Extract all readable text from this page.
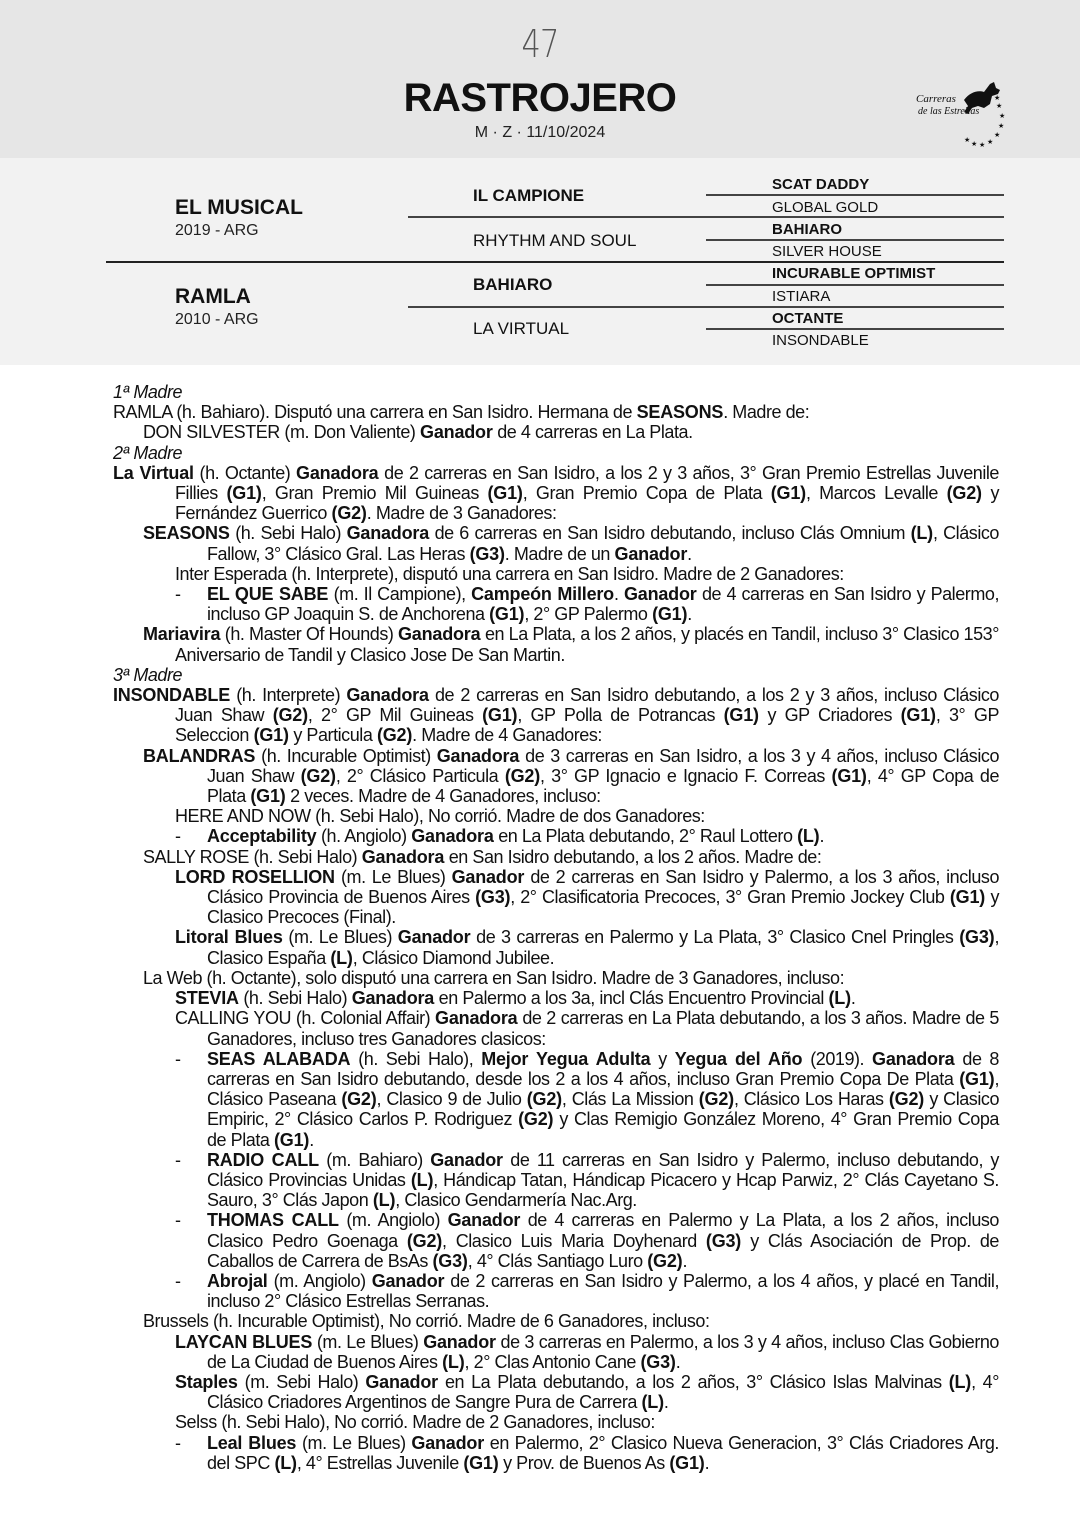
47
RASTROJERO
M · Z · 11/10/2024
Carreras
de las Estrellas ★
★
★
★
★
★
★
★
★
EL MUSICAL
2019 - ARG
RAMLA
2010 - ARG
IL CAMPIONE
RHYTHM AND SOUL
BAHIARO
LA VIRTUAL
SCAT DADDY
GLOBAL GOLD
BAHIARO
SILVER HOUSE
INCURABLE OPTIMIST
ISTIARA
OCTANTE
INSONDABLE

1ª Madre

RAMLA (h. Bahiaro). Disputó una carrera en San Isidro. Hermana de SEASONS. Madre de:

DON SILVESTER (m. Don Valiente) Ganador de 4 carreras en La Plata.

2ª Madre

La Virtual (h. Octante) Ganadora de 2 carreras en San Isidro, a los 2 y 3 años, 3° Gran Premio Estrellas Juvenile Fillies (G1), Gran Premio Mil Guineas (G1), Gran Premio Copa de Plata (G1), Marcos Levalle (G2) y Fernández Guerrico (G2). Madre de 3 Ganadores:

SEASONS (h. Sebi Halo) Ganadora de 6 carreras en San Isidro debutando, incluso Clás Omnium (L), Clásico Fallow, 3° Clásico Gral. Las Heras (G3). Madre de un Ganador.

Inter Esperada (h. Interprete), disputó una carrera en San Isidro. Madre de 2 Ganadores:

- EL QUE SABE (m. Il Campione), Campeón Millero. Ganador de 4 carreras en San Isidro y Palermo, incluso GP Joaquin S. de Anchorena (G1), 2° GP Palermo (G1).

Mariavira (h. Master Of Hounds) Ganadora en La Plata, a los 2 años, y placés en Tandil, incluso 3° Clasico 153° Aniversario de Tandil y Clasico Jose De San Martin.

3ª Madre

INSONDABLE (h. Interprete) Ganadora de 2 carreras en San Isidro debutando, a los 2 y 3 años, incluso Clásico Juan Shaw (G2), 2° GP Mil Guineas (G1), GP Polla de Potrancas (G1) y GP Criadores (G1), 3° GP Seleccion (G1) y Particula (G2). Madre de 4 Ganadores:

BALANDRAS (h. Incurable Optimist) Ganadora de 3 carreras en San Isidro, a los 3 y 4 años, incluso Clásico Juan Shaw (G2), 2° Clásico Particula (G2), 3° GP Ignacio e Ignacio F. Correas (G1), 4° GP Copa de Plata (G1) 2 veces. Madre de 4 Ganadores, incluso:

HERE AND NOW (h. Sebi Halo), No corrió. Madre de dos Ganadores:

- Acceptability (h. Angiolo) Ganadora en La Plata debutando, 2° Raul Lottero (L).

SALLY ROSE (h. Sebi Halo) Ganadora en San Isidro debutando, a los 2 años. Madre de:

LORD ROSELLION (m. Le Blues) Ganador de 2 carreras en San Isidro y Palermo, a los 3 años, incluso Clásico Provincia de Buenos Aires (G3), 2° Clasificatoria Precoces, 3° Gran Premio Jockey Club (G1) y Clasico Precoces (Final).

Litoral Blues (m. Le Blues) Ganador de 3 carreras en Palermo y La Plata, 3° Clasico Cnel Pringles (G3), Clasico España (L), Clásico Diamond Jubilee.

La Web (h. Octante), solo disputó una carrera en San Isidro. Madre de 3 Ganadores, incluso:

STEVIA (h. Sebi Halo) Ganadora en Palermo a los 3a, incl Clás Encuentro Provincial (L).

CALLING YOU (h. Colonial Affair) Ganadora de 2 carreras en La Plata debutando, a los 3 años. Madre de 5 Ganadores, incluso tres Ganadores clasicos:

- SEAS ALABADA (h. Sebi Halo), Mejor Yegua Adulta y Yegua del Año (2019). Ganadora de 8 carreras en San Isidro debutando, desde los 2 a los 4 años, incluso Gran Premio Copa De Plata (G1), Clásico Paseana (G2), Clasico 9 de Julio (G2), Clás La Mission (G2), Clásico Los Haras (G2) y Clasico Empiric, 2° Clásico Carlos P. Rodriguez (G2) y Clas Remigio González Moreno, 4° Gran Premio Copa de Plata (G1).

- RADIO CALL (m. Bahiaro) Ganador de 11 carreras en San Isidro y Palermo, incluso debutando, y Clásico Provincias Unidas (L), Hándicap Tatan, Hándicap Picacero y Hcap Parwiz, 2° Clás Cayetano S. Sauro, 3° Clás Japon (L), Clasico Gendarmería Nac.Arg.

- THOMAS CALL (m. Angiolo) Ganador de 4 carreras en Palermo y La Plata, a los 2 años, incluso Clasico Pedro Goenaga (G2), Clasico Luis Maria Doyhenard (G3) y Clás Asociación de Prop. de Caballos de Carrera de BsAs (G3), 4° Clás Santiago Luro (G2).

- Abrojal (m. Angiolo) Ganador de 2 carreras en San Isidro y Palermo, a los 4 años, y placé en Tandil, incluso 2° Clásico Estrellas Serranas.

Brussels (h. Incurable Optimist), No corrió. Madre de 6 Ganadores, incluso:

LAYCAN BLUES (m. Le Blues) Ganador de 3 carreras en Palermo, a los 3 y 4 años, incluso Clas Gobierno de La Ciudad de Buenos Aires (L), 2° Clas Antonio Cane (G3).

Staples (m. Sebi Halo) Ganador en La Plata debutando, a los 2 años, 3° Clásico Islas Malvinas (L), 4° Clásico Criadores Argentinos de Sangre Pura de Carrera (L).

Selss (h. Sebi Halo), No corrió. Madre de 2 Ganadores, incluso:

- Leal Blues (m. Le Blues) Ganador en Palermo, 2° Clasico Nueva Generacion, 3° Clás Criadores Arg. del SPC (L), 4° Estrellas Juvenile (G1) y Prov. de Buenos As (G1).
